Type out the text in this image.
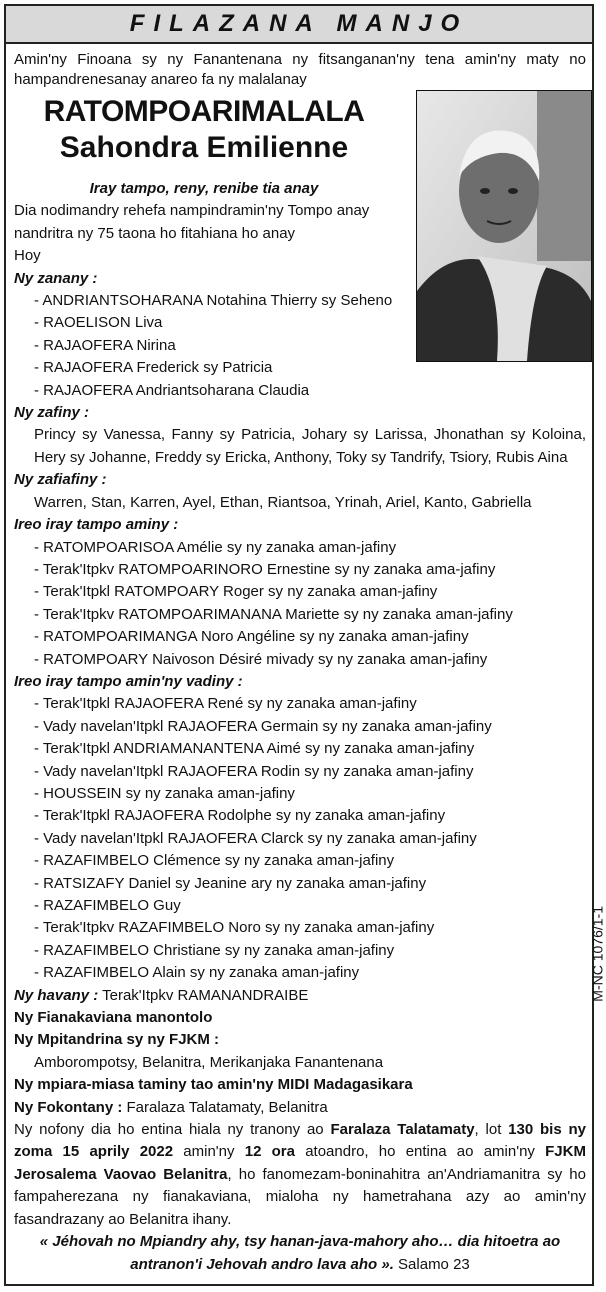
FILAZANA MANJO
Amin'ny Finoana sy ny Fanantenana ny fitsanganan'ny tena amin'ny maty no hampandrenesanay anareo fa ny malalanay
RATOMPOARIMALALA
Sahondra Emilienne
Iray tampo, reny, renibe tia anay
Dia nodimandry rehefa nampindramin'ny Tompo anay
nandritra ny 75 taona ho fitahiana ho anay
Hoy
Ny zanany :
- ANDRIANTSOHARANA Notahina Thierry sy Seheno
- RAOELISON Liva
- RAJAOFERA Nirina
- RAJAOFERA Frederick sy Patricia
- RAJAOFERA Andriantsoharana Claudia
Ny zafiny :
Princy sy Vanessa, Fanny sy Patricia, Johary sy Larissa, Jhonathan sy Koloina, Hery sy Johanne, Freddy sy Ericka, Anthony, Toky sy Tandrify, Tsiory, Rubis Aina
Ny zafiafiny :
Warren, Stan, Karren, Ayel, Ethan, Riantsoa, Yrinah, Ariel, Kanto, Gabriella
Ireo iray tampo aminy :
- RATOMPOARISOA Amélie sy ny zanaka aman-jafiny
- Terak'Itpkv RATOMPOARINORO Ernestine sy ny zanaka ama-jafiny
- Terak'Itpkl RATOMPOARY Roger sy ny zanaka aman-jafiny
- Terak'Itpkv RATOMPOARIMANANA Mariette sy ny zanaka aman-jafiny
- RATOMPOARIMANGA Noro Angéline sy ny zanaka aman-jafiny
- RATOMPOARY Naivoson Désiré mivady sy ny zanaka aman-jafiny
Ireo iray tampo amin'ny vadiny :
- Terak'Itpkl RAJAOFERA René sy ny zanaka aman-jafiny
- Vady navelan'Itpkl RAJAOFERA Germain sy ny zanaka aman-jafiny
- Terak'Itpkl ANDRIAMANANTENA Aimé sy ny zanaka aman-jafiny
- Vady navelan'Itpkl RAJAOFERA Rodin sy ny zanaka aman-jafiny
- HOUSSEIN sy ny zanaka aman-jafiny
- Terak'Itpkl RAJAOFERA Rodolphe sy ny zanaka aman-jafiny
- Vady navelan'Itpkl RAJAOFERA Clarck sy ny zanaka aman-jafiny
- RAZAFIMBELO Clémence sy ny zanaka aman-jafiny
- RATSIZAFY Daniel sy Jeanine ary ny zanaka aman-jafiny
- RAZAFIMBELO Guy
- Terak'Itpkv RAZAFIMBELO Noro sy ny zanaka aman-jafiny
- RAZAFIMBELO Christiane sy ny zanaka aman-jafiny
- RAZAFIMBELO Alain sy ny zanaka aman-jafiny
Ny havany : Terak'Itpkv RAMANANDRAIBE
Ny Fianakaviana manontolo
Ny Mpitandrina sy ny FJKM :
Amborompotsy, Belanitra, Merikanjaka Fanantenana
Ny mpiara-miasa taminy tao amin'ny MIDI Madagasikara
Ny Fokontany : Faralaza Talatamaty, Belanitra
Ny nofony dia ho entina hiala ny tranony ao Faralaza Talatamaty, lot 130 bis ny zoma 15 aprily 2022 amin'ny 12 ora atoandro, ho entina ao amin'ny FJKM Jerosalema Vaovao Belanitra, ho fanomezam-boninahitra an'Andriamanitra sy ho fampaherezana ny fianakaviana, mialoha ny hametrahana azy ao amin'ny fasandrazany ao Belanitra ihany.
« Jéhovah no Mpiandry ahy, tsy hanan-java-mahory aho… dia hitoetra ao antranon'i Jehovah andro lava aho ». Salamo 23
M-NC 1076/1-1
